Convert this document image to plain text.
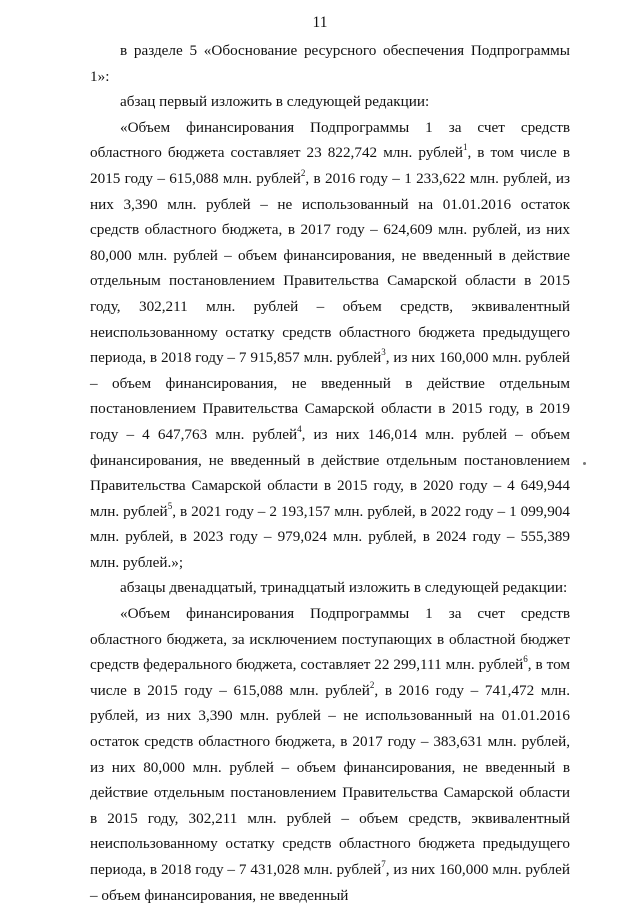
11

в разделе 5 «Обоснование ресурсного обеспечения Подпрограммы 1»:

абзац первый изложить в следующей редакции:

«Объем финансирования Подпрограммы 1 за счет средств областного бюджета составляет 23 822,742 млн. рублей$^1$, в том числе в 2015 году – 615,088 млн. рублей$^2$, в 2016 году – 1 233,622 млн. рублей, из них 3,390 млн. рублей – не использованный на 01.01.2016 остаток средств областного бюджета, в 2017 году – 624,609 млн. рублей, из них 80,000 млн. рублей – объем финансирования, не введенный в действие отдельным постановлением Правительства Самарской области в 2015 году, 302,211 млн. рублей – объем средств, эквивалентный неиспользованному остатку средств областного бюджета предыдущего периода, в 2018 году – 7 915,857 млн. рублей$^3$, из них 160,000 млн. рублей – объем финансирования, не введенный в действие отдельным постановлением Правительства Самарской области в 2015 году, в 2019 году – 4 647,763 млн. рублей$^4$, из них 146,014 млн. рублей – объем финансирования, не введенный в действие отдельным постановлением Правительства Самарской области в 2015 году, в 2020 году – 4 649,944 млн. рублей$^5$, в 2021 году – 2 193,157 млн. рублей, в 2022 году – 1 099,904 млн. рублей, в 2023 году – 979,024 млн. рублей, в 2024 году – 555,389 млн. рублей.»;

абзацы двенадцатый, тринадцатый изложить в следующей редакции:

«Объем финансирования Подпрограммы 1 за счет средств областного бюджета, за исключением поступающих в областной бюджет средств федерального бюджета, составляет 22 299,111 млн. рублей$^6$, в том числе в 2015 году – 615,088 млн. рублей$^2$, в 2016 году – 741,472 млн. рублей, из них 3,390 млн. рублей – не использованный на 01.01.2016 остаток средств областного бюджета, в 2017 году – 383,631 млн. рублей, из них 80,000 млн. рублей – объем финансирования, не введенный в действие отдельным постановлением Правительства Самарской области в 2015 году, 302,211 млн. рублей – объем средств, эквивалентный неиспользованному остатку средств областного бюджета предыдущего периода, в 2018 году – 7 431,028 млн. рублей$^7$, из них 160,000 млн. рублей – объем финансирования, не введенный
